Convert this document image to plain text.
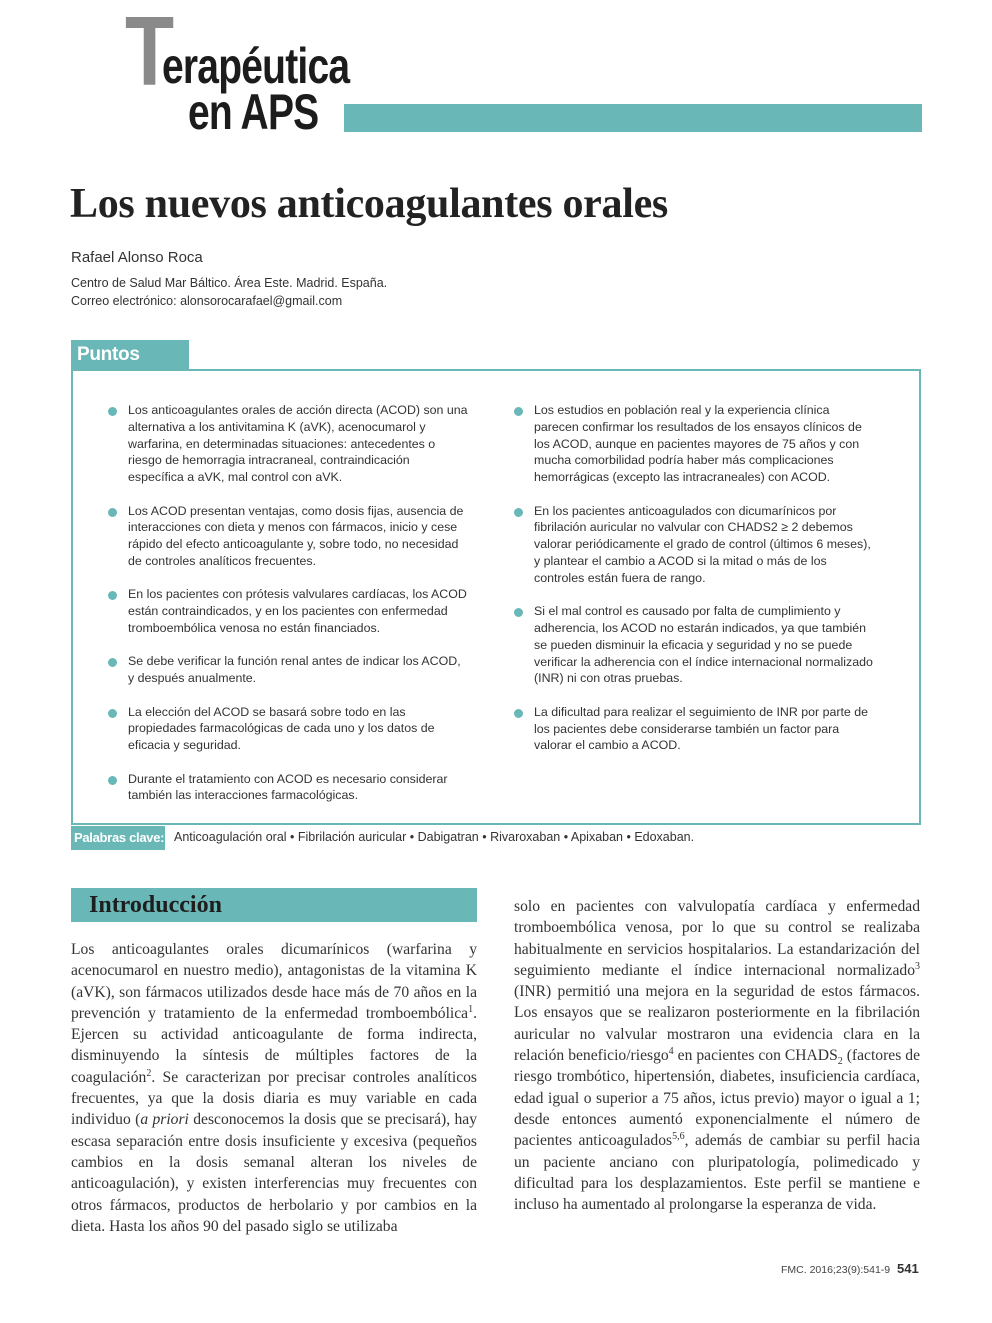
T
erapéutica
en APS
Los nuevos anticoagulantes orales
Rafael Alonso Roca
Centro de Salud Mar Báltico. Área Este. Madrid. España.
Correo electrónico: alonsorocarafael@gmail.com
Puntos clave
Los anticoagulantes orales de acción directa (ACOD) son una alternativa a los antivitamina K (aVK), acenocumarol y warfarina, en determinadas situaciones: antecedentes o riesgo de hemorragia intracraneal, contraindicación específica a aVK, mal control con aVK.
Los ACOD presentan ventajas, como dosis fijas, ausencia de interacciones con dieta y menos con fármacos, inicio y cese rápido del efecto anticoagulante y, sobre todo, no necesidad de controles analíticos frecuentes.
En los pacientes con prótesis valvulares cardíacas, los ACOD están contraindicados, y en los pacientes con enfermedad tromboembólica venosa no están financiados.
Se debe verificar la función renal antes de indicar los ACOD, y después anualmente.
La elección del ACOD se basará sobre todo en las propiedades farmacológicas de cada uno y los datos de eficacia y seguridad.
Durante el tratamiento con ACOD es necesario considerar también las interacciones farmacológicas.
Los estudios en población real y la experiencia clínica parecen confirmar los resultados de los ensayos clínicos de los ACOD, aunque en pacientes mayores de 75 años y con mucha comorbilidad podría haber más complicaciones hemorrágicas (excepto las intracraneales) con ACOD.
En los pacientes anticoagulados con dicumarínicos por fibrilación auricular no valvular con CHADS2 ≥ 2 debemos valorar periódicamente el grado de control (últimos 6 meses), y plantear el cambio a ACOD si la mitad o más de los controles están fuera de rango.
Si el mal control es causado por falta de cumplimiento y adherencia, los ACOD no estarán indicados, ya que también se pueden disminuir la eficacia y seguridad y no se puede verificar la adherencia con el índice internacional normalizado (INR) ni con otras pruebas.
La dificultad para realizar el seguimiento de INR por parte de los pacientes debe considerarse también un factor para valorar el cambio a ACOD.
Palabras clave: Anticoagulación oral • Fibrilación auricular • Dabigatran • Rivaroxaban • Apixaban • Edoxaban.
Introducción
Los anticoagulantes orales dicumarínicos (warfarina y acenocumarol en nuestro medio), antagonistas de la vitamina K (aVK), son fármacos utilizados desde hace más de 70 años en la prevención y tratamiento de la enfermedad tromboembólica$^1$. Ejercen su actividad anticoagulante de forma indirecta, disminuyendo la síntesis de múltiples factores de la coagulación$^2$. Se caracterizan por precisar controles analíticos frecuentes, ya que la dosis diaria es muy variable en cada individuo (a priori desconocemos la dosis que se precisará), hay escasa separación entre dosis insuficiente y excesiva (pequeños cambios en la dosis semanal alteran los niveles de anticoagulación), y existen interferencias muy frecuentes con otros fármacos, productos de herbolario y por cambios en la dieta. Hasta los años 90 del pasado siglo se utilizaba
solo en pacientes con valvulopatía cardíaca y enfermedad tromboembólica venosa, por lo que su control se realizaba habitualmente en servicios hospitalarios. La estandarización del seguimiento mediante el índice internacional normalizado$^3$ (INR) permitió una mejora en la seguridad de estos fármacos. Los ensayos que se realizaron posteriormente en la fibrilación auricular no valvular mostraron una evidencia clara en la relación beneficio/riesgo$^4$ en pacientes con $CHADS_2$ (factores de riesgo trombótico, hipertensión, diabetes, insuficiencia cardíaca, edad igual o superior a 75 años, ictus previo) mayor o igual a 1; desde entonces aumentó exponencialmente el número de pacientes anticoagulados$^{5,6}$, además de cambiar su perfil hacia un paciente anciano con pluripatología, polimedicado y dificultad para los desplazamientos. Este perfil se mantiene e incluso ha aumentado al prolongarse la esperanza de vida.
FMC. 2016;23(9):541-9 541
